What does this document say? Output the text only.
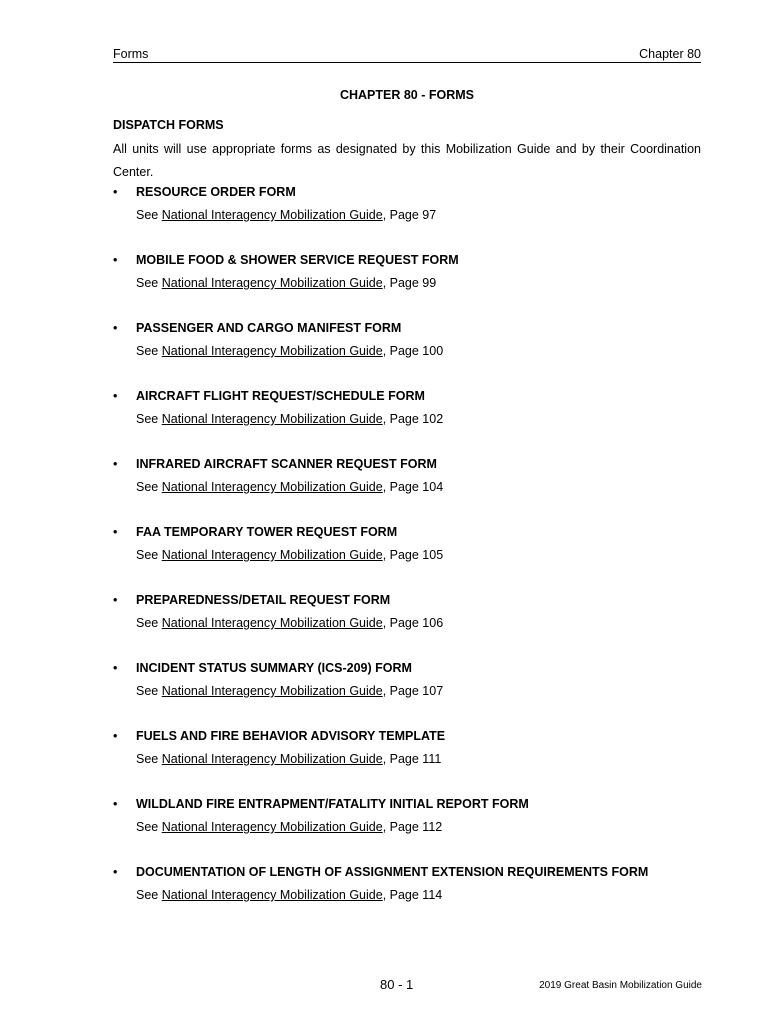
Forms	Chapter 80
CHAPTER 80 - FORMS
DISPATCH FORMS
All units will use appropriate forms as designated by this Mobilization Guide and by their Coordination Center.
• RESOURCE ORDER FORM
See National Interagency Mobilization Guide, Page 97
• MOBILE FOOD & SHOWER SERVICE REQUEST FORM
See National Interagency Mobilization Guide, Page 99
• PASSENGER AND CARGO MANIFEST FORM
See National Interagency Mobilization Guide, Page 100
• AIRCRAFT FLIGHT REQUEST/SCHEDULE FORM
See National Interagency Mobilization Guide, Page 102
• INFRARED AIRCRAFT SCANNER REQUEST FORM
See National Interagency Mobilization Guide, Page 104
• FAA TEMPORARY TOWER REQUEST FORM
See National Interagency Mobilization Guide, Page 105
• PREPAREDNESS/DETAIL REQUEST FORM
See National Interagency Mobilization Guide, Page 106
• INCIDENT STATUS SUMMARY (ICS-209) FORM
See National Interagency Mobilization Guide, Page 107
• FUELS AND FIRE BEHAVIOR ADVISORY TEMPLATE
See National Interagency Mobilization Guide, Page 111
• WILDLAND FIRE ENTRAPMENT/FATALITY INITIAL REPORT FORM
See National Interagency Mobilization Guide, Page 112
• DOCUMENTATION OF LENGTH OF ASSIGNMENT EXTENSION REQUIREMENTS FORM
See National Interagency Mobilization Guide, Page 114
80 - 1	2019 Great Basin Mobilization Guide
